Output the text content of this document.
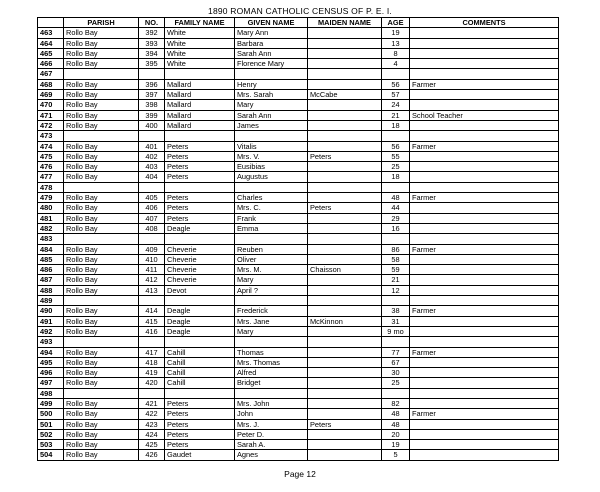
1890 ROMAN CATHOLIC CENSUS OF P. E. I.
	PARISH	NO.	FAMILY NAME	GIVEN NAME	MAIDEN NAME	AGE	COMMENTS
463	Rollo Bay	392	White	Mary Ann		19	
464	Rollo Bay	393	White	Barbara		13	
465	Rollo Bay	394	White	Sarah Ann		8	
466	Rollo Bay	395	White	Florence Mary		4	
467							
468	Rollo Bay	396	Mallard	Henry		56	Farmer
469	Rollo Bay	397	Mallard	Mrs. Sarah	McCabe	57	
470	Rollo Bay	398	Mallard	Mary		24	
471	Rollo Bay	399	Mallard	Sarah Ann		21	School Teacher
472	Rollo Bay	400	Mallard	James		18	
473							
474	Rollo Bay	401	Peters	Vitalis		56	Farmer
475	Rollo Bay	402	Peters	Mrs. V.	Peters	55	
476	Rollo Bay	403	Peters	Eusibias		25	
477	Rollo Bay	404	Peters	Augustus		18	
478							
479	Rollo Bay	405	Peters	Charles		48	Farmer
480	Rollo Bay	406	Peters	Mrs. C.	Peters	44	
481	Rollo Bay	407	Peters	Frank		29	
482	Rollo Bay	408	Deagle	Emma		16	
483							
484	Rollo Bay	409	Cheverie	Reuben		86	Farmer
485	Rollo Bay	410	Cheverie	Oliver		58	
486	Rollo Bay	411	Cheverie	Mrs. M.	Chaisson	59	
487	Rollo Bay	412	Cheverie	Mary		21	
488	Rollo Bay	413	Devot	April ?		12	
489							
490	Rollo Bay	414	Deagle	Frederick		38	Farmer
491	Rollo Bay	415	Deagle	Mrs. Jane	McKinnon	31	
492	Rollo Bay	416	Deagle	Mary		9 mo	
493							
494	Rollo Bay	417	Cahill	Thomas		77	Farmer
495	Rollo Bay	418	Cahill	Mrs. Thomas		67	
496	Rollo Bay	419	Cahill	Alfred		30	
497	Rollo Bay	420	Cahill	Bridget		25	
498							
499	Rollo Bay	421	Peters	Mrs. John		82	
500	Rollo Bay	422	Peters	John		48	Farmer
501	Rollo Bay	423	Peters	Mrs. J.	Peters	48	
502	Rollo Bay	424	Peters	Peter D.		20	
503	Rollo Bay	425	Peters	Sarah A.		19	
504	Rollo Bay	426	Gaudet	Agnes		5	
Page 12
